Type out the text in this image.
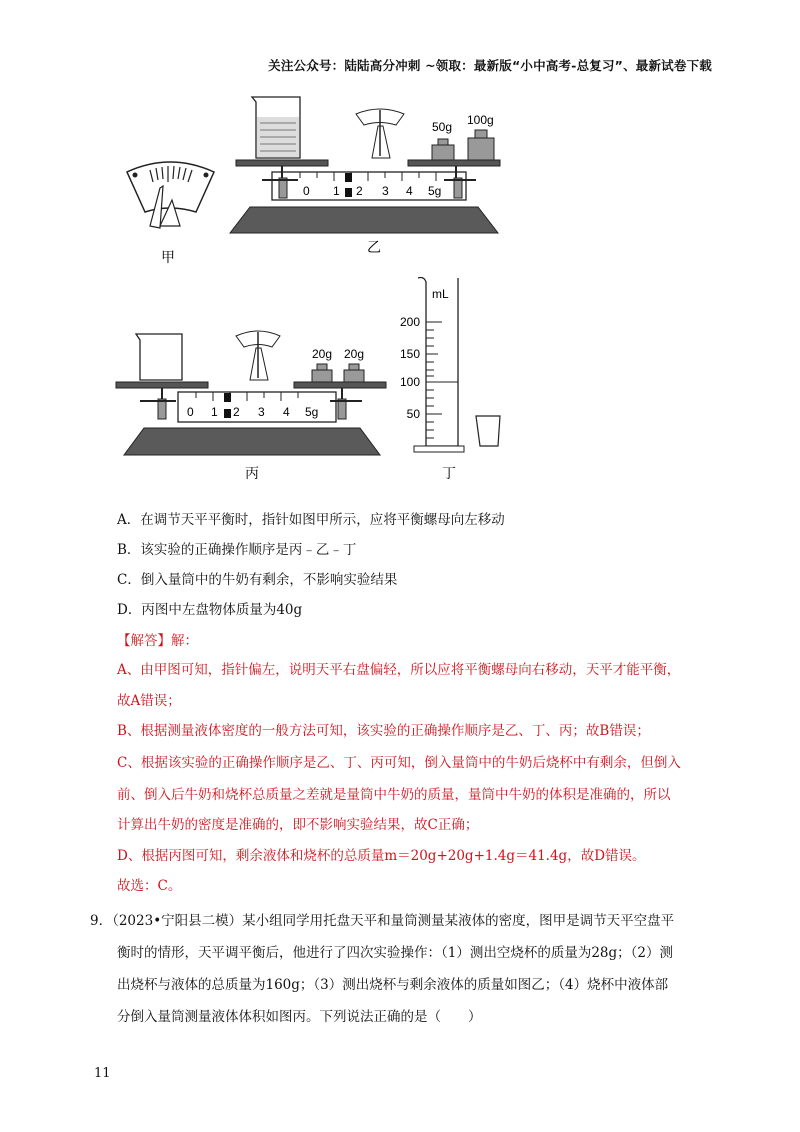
关注公众号：陆陆高分冲刺 ~领取：最新版“小中高考-总复习”、最新试卷下载
甲
0 1 2 3 4 5g
50g 100g
乙
0 1 2 3 4 5g
20g 20g
丙
mL
200
150
100
50
丁
A．在调节天平平衡时，指针如图甲所示，应将平衡螺母向左移动
B．该实验的正确操作顺序是丙﹣乙﹣丁
C．倒入量筒中的牛奶有剩余，不影响实验结果
D．丙图中左盘物体质量为40g
【解答】解：
A、由甲图可知，指针偏左，说明天平右盘偏轻，所以应将平衡螺母向右移动，天平才能平衡，
故A错误；
B、根据测量液体密度的一般方法可知，该实验的正确操作顺序是乙、丁、丙；故B错误；
C、根据该实验的正确操作顺序是乙、丁、丙可知，倒入量筒中的牛奶后烧杯中有剩余，但倒入
前、倒入后牛奶和烧杯总质量之差就是量筒中牛奶的质量，量筒中牛奶的体积是准确的，所以
计算出牛奶的密度是准确的，即不影响实验结果，故C正确；
D、根据丙图可知，剩余液体和烧杯的总质量m＝20g+20g+1.4g＝41.4g，故D错误。
故选：C。
9．（2023•宁阳县二模）某小组同学用托盘天平和量筒测量某液体的密度，图甲是调节天平空盘平
衡时的情形，天平调平衡后，他进行了四次实验操作：（1）测出空烧杯的质量为28g；（2）测
出烧杯与液体的总质量为160g；（3）测出烧杯与剩余液体的质量如图乙；（4）烧杯中液体部
分倒入量筒测量液体体积如图丙。下列说法正确的是（　　）
11
